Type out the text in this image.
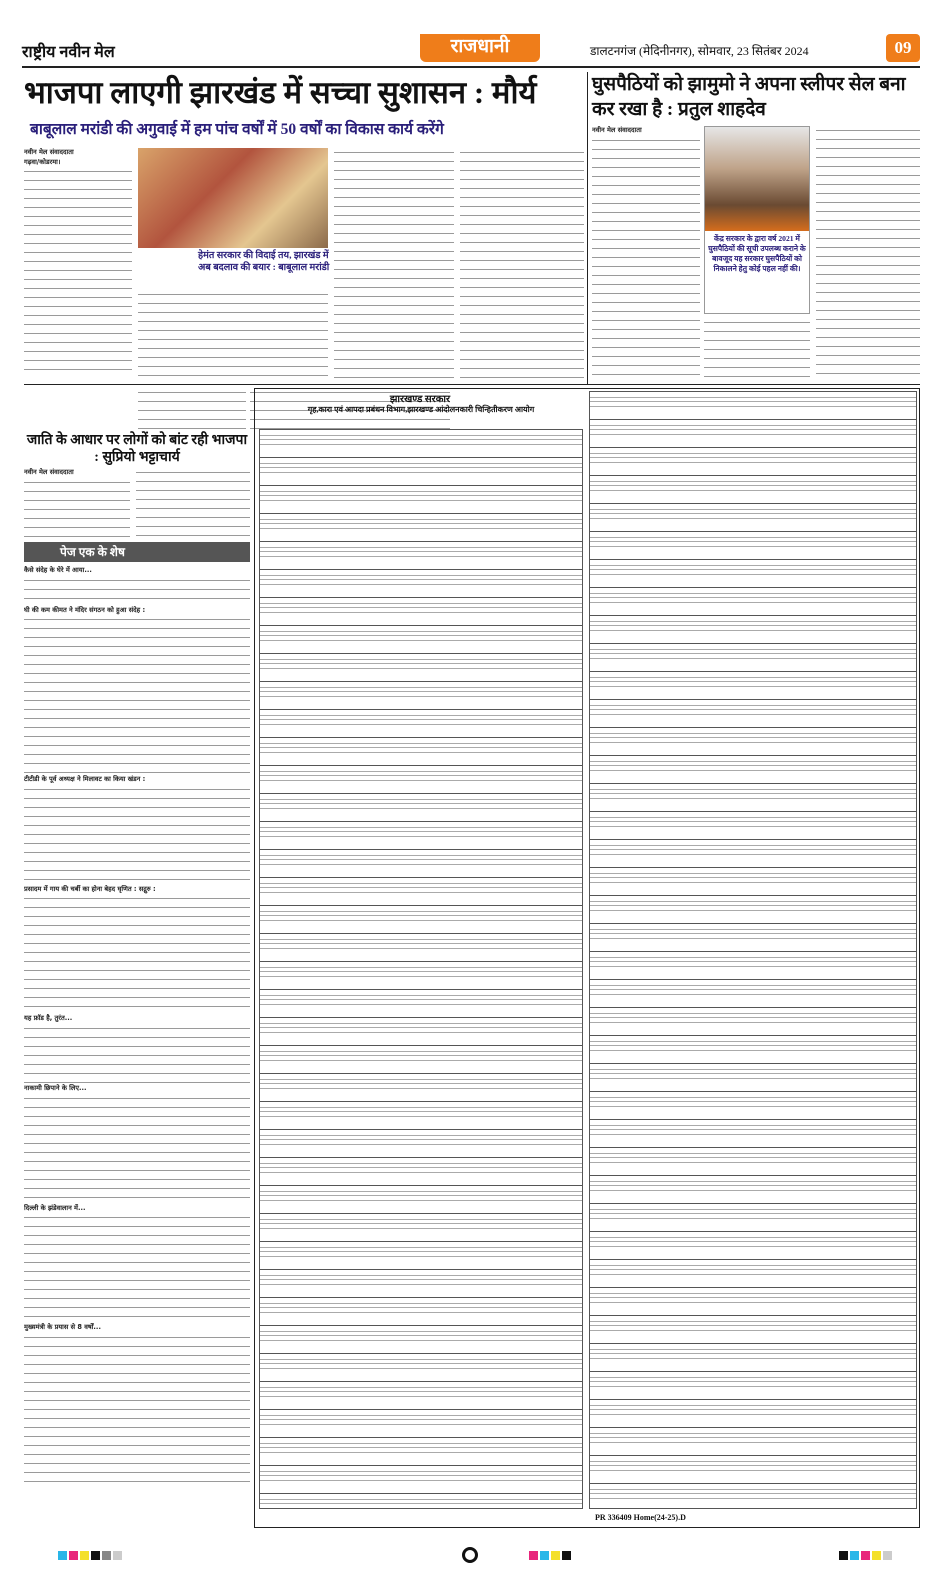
राष्ट्रीय नवीन मेल	राजधानी	डालटनगंज (मेदिनीनगर), सोमवार, 23 सितंबर 2024	09
भाजपा लाएगी झारखंड में सच्चा सुशासन : मौर्य
बाबूलाल मरांडी की अगुवाई में हम पांच वर्षों में 50 वर्षों का विकास कार्य करेंगे
नवीन मेल संवाददाता
गढ़वा/कोडरमा।
हेमंत सरकार की विदाई तय, झारखंड में अब बदलाव की बयार : बाबूलाल मरांडी
घुसपैठियों को झामुमो ने अपना स्लीपर सेल बना कर रखा है : प्रतुल शाहदेव
नवीन मेल संवाददाता
केंद्र सरकार के द्वारा वर्ष 2021 में घुसपैठियों की सूची उपलब्ध कराने के बावजूद यह सरकार घुसपैठियों को निकालने हेतु कोई पहल नहीं की।
जाति के आधार पर लोगों को बांट रही भाजपा : सुप्रियो भट्टाचार्य
नवीन मेल संवाददाता
पेज एक के शेष
कैसे संदेह के घेरे में आया...
घी की कम कीमत ने मंदिर संगठन को हुआ संदेह :
टीटीडी के पूर्व अध्यक्ष ने मिलावट का किया खंडन :
प्रसादम में गाय की चर्बी का होना बेहद घृणित : सद्गुरु :
यह फ्रॉड है, तुरंत...
नाकामी छिपाने के लिए...
दिल्ली के झंडेवालान में...
मुख्यमंत्री के प्रयास से 8 वर्षों...
झारखण्ड सरकार
गृह,कारा एवं आपदा प्रबंधन विभाग,झारखण्ड आंदोलनकारी चिन्हितीकरण आयोग
PR 336409 Home(24-25).D
